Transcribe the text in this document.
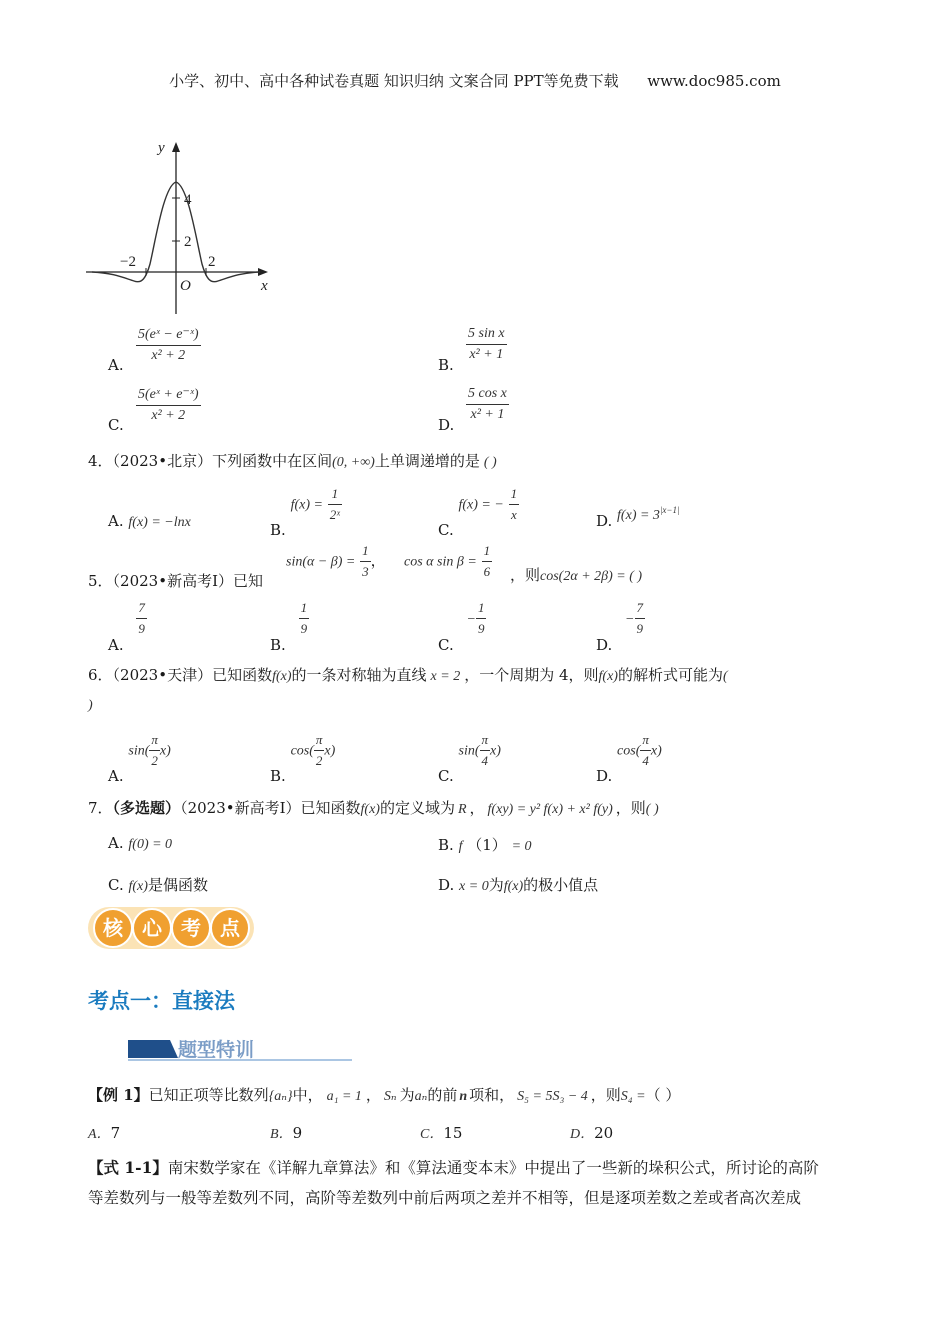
小学、初中、高中各种试卷真题 知识归纳 文案合同 PPT等免费下载      www.doc985.com
y
4
2
−2	2
O	x
A.
5(eˣ − e⁻ˣ)
x² + 2
B.
5 sin x
x² + 1
C.
5(eˣ + e⁻ˣ)
x² + 2
D.
5 cos x
x² + 1
4．（2023•北京）下列函数中在区间(0, +∞)上单调递增的是 ( )
A. f(x) = −lnx	B. $f(x) = \frac{1}{\text{2ˣ}}$
C. f(x) = − $\frac{1}{x}$	D. $f(x) = 3^{|x-1|}$
5．（2023•新高考Ⅰ）已知
$\sin(\alpha - \beta) = \frac{1}{3}$ ， cos α $\sin \beta = \frac{1}{6}$ ，则cos(2α + 2β) = ( )
A.
$\frac{7}{9}$
B.
$\frac{1}{9}$
C. − $\frac{1}{9}$
D. − $\frac{7}{9}$
6．（2023•天津）已知函数f(x)的一条对称轴为直线 x = 2 ，一个周期为 4，则f(x)的解析式可能为(
)
A. $\sin( \frac{\pi}{2} x)$
B. $\cos( \frac{\pi}{2} x)$
C. $\sin( \frac{\pi}{4} x)$
D. $\cos( \frac{\pi}{4} x)$
7．（多选题）（2023•新高考Ⅰ）已知函数f(x)的定义域为 R ， f(xy) = y² f(x) + x² f(y) ，则( )
A. f(0) = 0	B. f （1） = 0
C. f(x)是偶函数	D. x = 0为f(x)的极小值点
核 心 考 点
考点一：直接法
题型特训
【例 1】已知正项等比数列{aₙ}中， a₁ = 1 ， Sₙ 为aₙ的前 n 项和， S₅ = 5S₃ − 4 ，则S₄ =（ ）
A．7	B．9	C．15	D．20
【式 1-1】南宋数学家在《详解九章算法》和《算法通变本末》中提出了一些新的垛积公式，所讨论的高阶
等差数列与一般等差数列不同，高阶等差数列中前后两项之差并不相等，但是逐项差数之差或者高次差成
